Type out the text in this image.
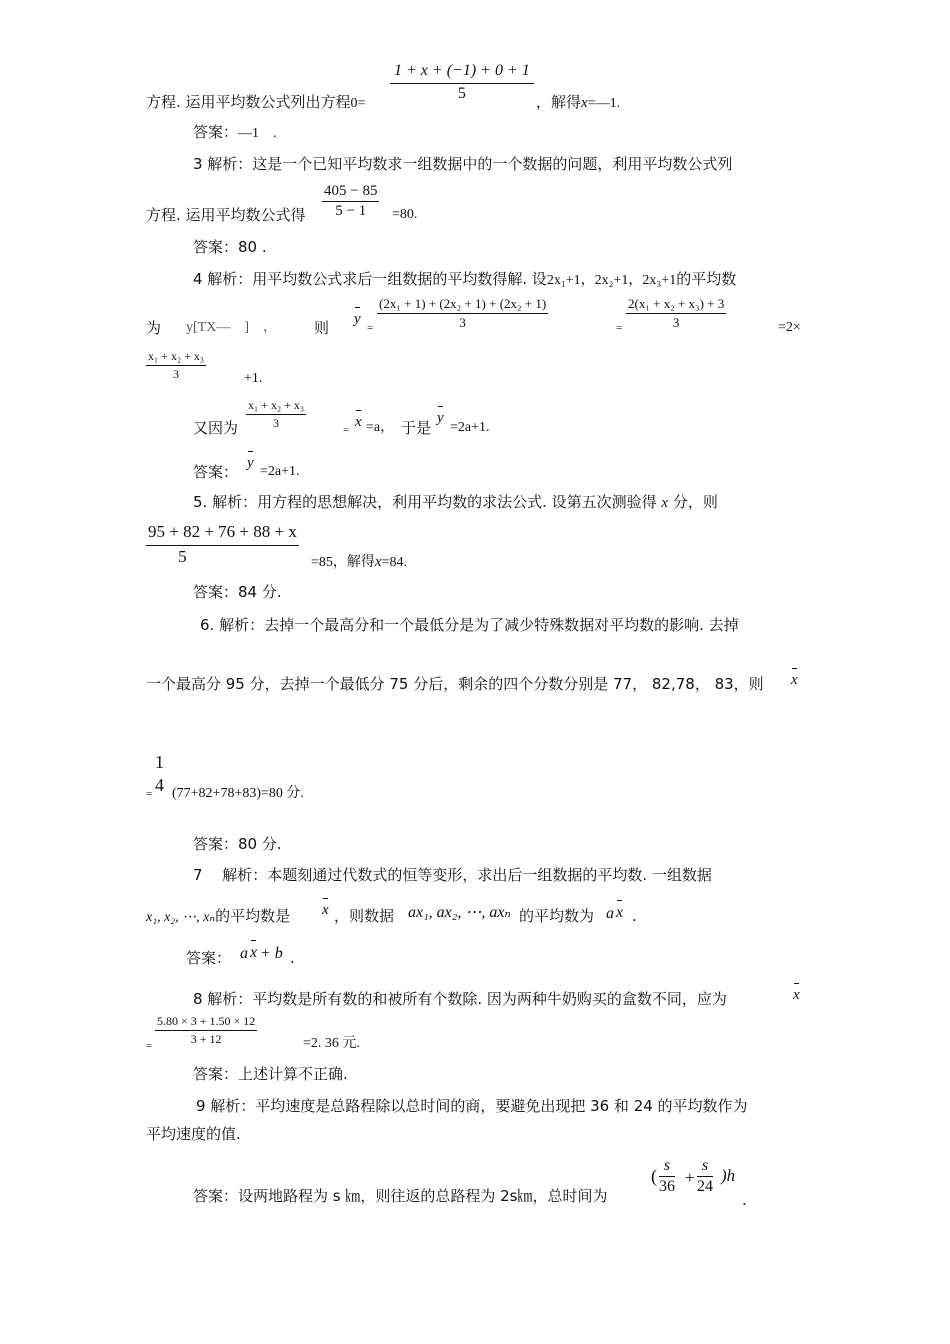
$\frac{1 + x + (-1) + 0 + 1}{5}$
方程. 运用平均数公式列出方程0=	，解得x=—1.
答案：—1　.
3 解析：这是一个已知平均数求一组数据中的一个数据的问题，利用平均数公式列
方程. 运用平均数公式得 $\frac{405 - 85}{5 - 1} =80$.
答案：80 .
4 解析：用平均数公式求后一组数据的平均数得解. 设2x₁+1，2x₂+1，2x₃+1的平均数
为 y[TX—　]　， 则 y
= $\frac{\text{(2x₁ + 1) + (2x₂ + 1) + (2x₂ + 1)}}{3}$	= $\frac{\text{2(x₁ + x₂ + x₃) + 3}}{3}$	=2×
$\frac{\text{x₁ + x₂ + x₃}}{3}$	+1.
又因为 $\frac{\text{x₁ + x₂ + x₃}}{3}$	= x =a， 于是
y
=2a+1.
答案： y
=2a+1.
5. 解析：用方程的思想解决，利用平均数的求法公式. 设第五次测验得 x 分，则
$\frac{95 + 82 + 76 + 88 + x}{5} =85$，解得x=84.
答案：84 分.
6. 解析：去掉一个最高分和一个最低分是为了减少特殊数据对平均数的影响. 去掉
一个最高分 95 分，去掉一个最低分 75 分后，剩余的四个分数分别是 77， 82,78， 83，则 x
=
1
4 (77+82+78+83)=80 分.
答案：80 分.
7　 解析：本题刻通过代数式的恒等变形，求出后一组数据的平均数. 一组数据
x₁, x₂, ⋯, xₙ的平均数是 x ，则数据 ax₁, ax₂, ⋯, axₙ 的平均数为 a x .
答案： a x + b .
8 解析：平均数是所有数的和被所有个数除. 因为两种牛奶购买的盒数不同，应为	x
= $\frac{5.80 \times 3 + 1.50 \times 12}{3 + 12}$	=2. 36 元.
答案：上述计算不正确.
9 解析：平均速度是总路程除以总时间的商，要避免出现把 36 和 24 的平均数作为
平均速度的值.
答案：设两地路程为 s ㎞，则往返的总路程为 2s㎞，总时间为
( $\frac{s}{36} + \frac{s}{24} )h$
.
